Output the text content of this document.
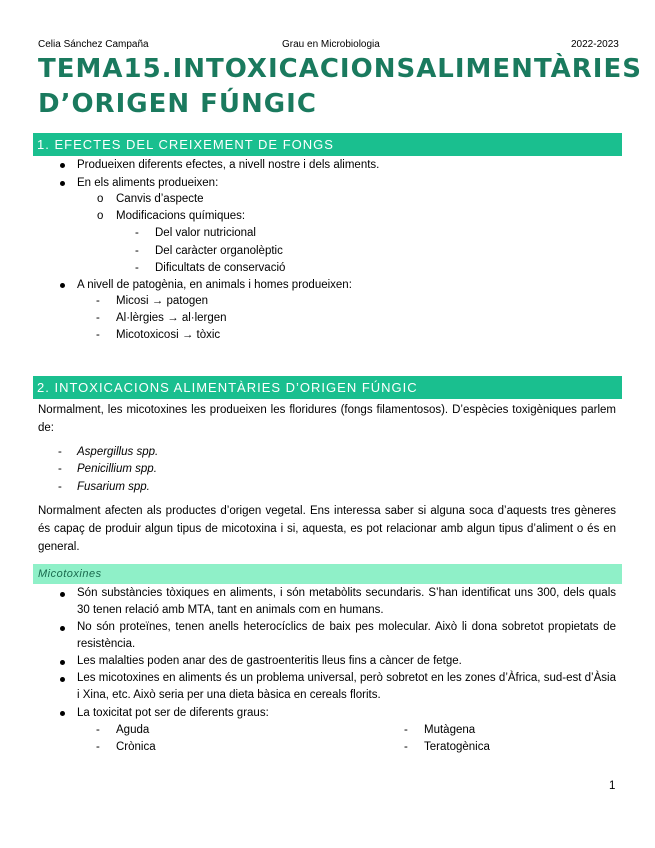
Celia Sánchez Campaña	Grau en Microbiologia	2022-2023
TEMA 15. INTOXICACIONS ALIMENTÀRIES
D’ORIGEN FÚNGIC
1. EFECTES DEL CREIXEMENT DE FONGS
Produeixen diferents efectes, a nivell nostre i dels aliments.
En els aliments produeixen:
o Canvis d’aspecte
o Modificacions químiques:
- Del valor nutricional
- Del caràcter organolèptic
- Dificultats de conservació
A nivell de patogènia, en animals i homes produeixen:
- Micosi → patogen
- Al·lèrgies → al·lergen
- Micotoxicosi → tòxic
2. INTOXICACIONS ALIMENTÀRIES D’ORIGEN FÚNGIC
Normalment, les micotoxines les produeixen les floridures (fongs filamentosos). D’espècies toxigèniques parlem de:
- Aspergillus spp.
- Penicillium spp.
- Fusarium spp.
Normalment afecten als productes d’origen vegetal. Ens interessa saber si alguna soca d’aquests tres gèneres és capaç de produir algun tipus de micotoxina i si, aquesta, es pot relacionar amb algun tipus d’aliment o és en general.
Micotoxines
Són substàncies tòxiques en aliments, i són metabòlits secundaris. S’han identificat uns 300, dels quals 30 tenen relació amb MTA, tant en animals com en humans.
No són proteïnes, tenen anells heterocíclics de baix pes molecular. Això li dona sobretot propietats de resistència.
Les malalties poden anar des de gastroenteritis lleus fins a càncer de fetge.
Les micotoxines en aliments és un problema universal, però sobretot en les zones d’Àfrica, sud-est d’Àsia i Xina, etc. Això seria per una dieta bàsica en cereals florits.
La toxicitat pot ser de diferents graus:
- Aguda
- Crònica
- Mutàgena
- Teratogènica
1
